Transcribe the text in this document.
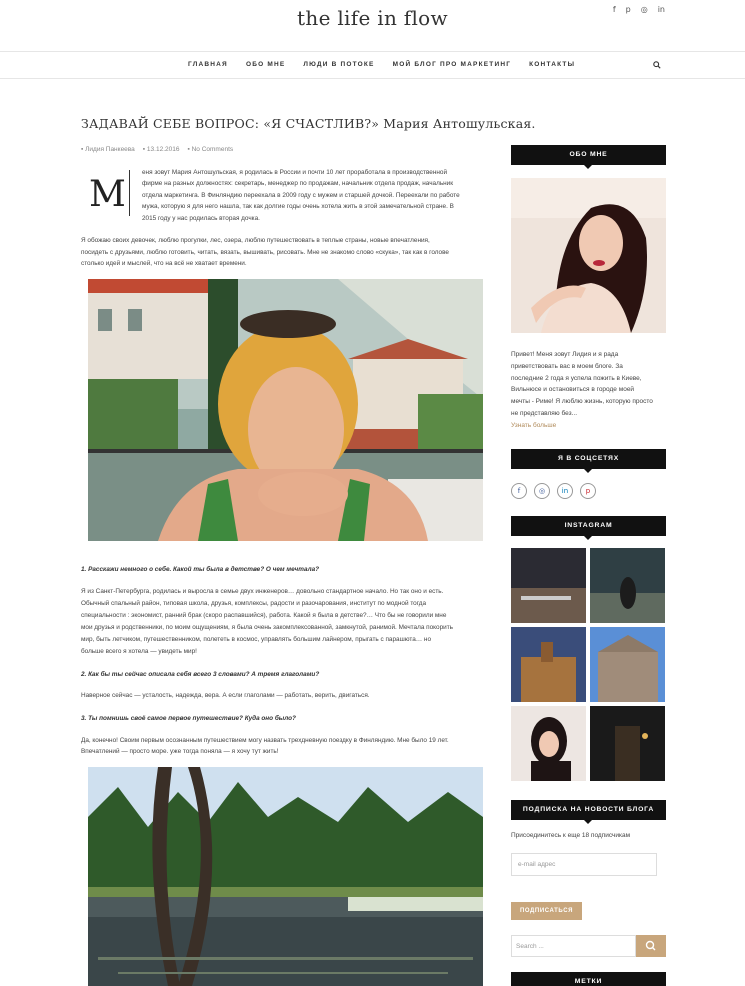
the life in flow	f p ◎ in
ГЛАВНАЯ	ОБО МНЕ	ЛЮДИ В ПОТОКЕ	МОЙ БЛОГ ПРО МАРКЕТИНГ	КОНТАКТЫ
ЗАДАВАЙ СЕБЕ ВОПРОС: «Я СЧАСТЛИВ?» Мария Антошульская.
▪ Лидия Панкеева ▪ 13.12.2016 ▪ No Comments
М
еня зовут Мария Антошульская, я родилась в России и почти 10 лет проработала в производственной
фирме на разных должностях: секретарь, менеджер по продажам, начальник отдела продаж, начальник
отдела маркетинга. В Финляндию переехала в 2009 году с мужем и старшей дочкой. Переехали по работе
мужа, которую я для него нашла, так как долгие годы очень хотела жить в этой замечательной стране. В
2015 году у нас родилась вторая дочка.
Я обожаю своих девочек, люблю прогулки, лес, озера, люблю путешествовать в теплые страны, новые впечатления,
посидеть с друзьями, люблю готовить, читать, вязать, вышивать, рисовать. Мне не знакомо слово «скука», так как в голове
столько идей и мыслей, что на всё не хватает времени.
1. Расскажи немного о себе. Какой ты была в детстве? О чем мечтала?
Я из Санкт-Петербурга, родилась и выросла в семье двух инженеров… довольно стандартное начало. Но так оно и есть.
Обычный спальный район, типовая школа, друзья, комплексы, радости и разочарования, институт по модной тогда
специальности : экономист, ранний брак (скоро распавшийся), работа. Какой я была в детстве?… Что бы не говорили мне
мои друзья и родственники, по моим ощущениям, я была очень закомплексованной, замкнутой, ранимой. Мечтала покорить
мир, быть летчиком, путешественником, полететь в космос, управлять большим лайнером, прыгать с парашюта… но
больше всего я хотела — увидеть мир!
2. Как бы ты сейчас описала себя всего 3 словами? А тремя глаголами?
Наверное сейчас — усталость, надежда, вера. А если глаголами — работать, верить, двигаться.
3. Ты помнишь своё самое первое путешествие? Куда оно было?
Да, конечно! Своим первым осознанным путешествием могу назвать трехдневную поездку в Финляндию. Мне было 19 лет.
Впечатлений — просто море. уже тогда поняла — я хочу тут жить!
ОБО МНЕ
Привет! Меня зовут Лидия и я рада
приветствовать вас в моем блоге. За
последние 2 года я успела пожить в Киеве,
Вильнюсе и остановиться в городе моей
мечты - Риме! Я люблю жизнь, которую просто
не представляю без...
Узнать больше
Я В СОЦСЕТЯХ
f	◎	in	p
INSTAGRAM
ПОДПИСКА НА НОВОСТИ БЛОГА
Присоединитесь к еще 18 подписчикам
e-mail адрес
ПОДПИСАТЬСЯ
Search ...
МЕТКИ
